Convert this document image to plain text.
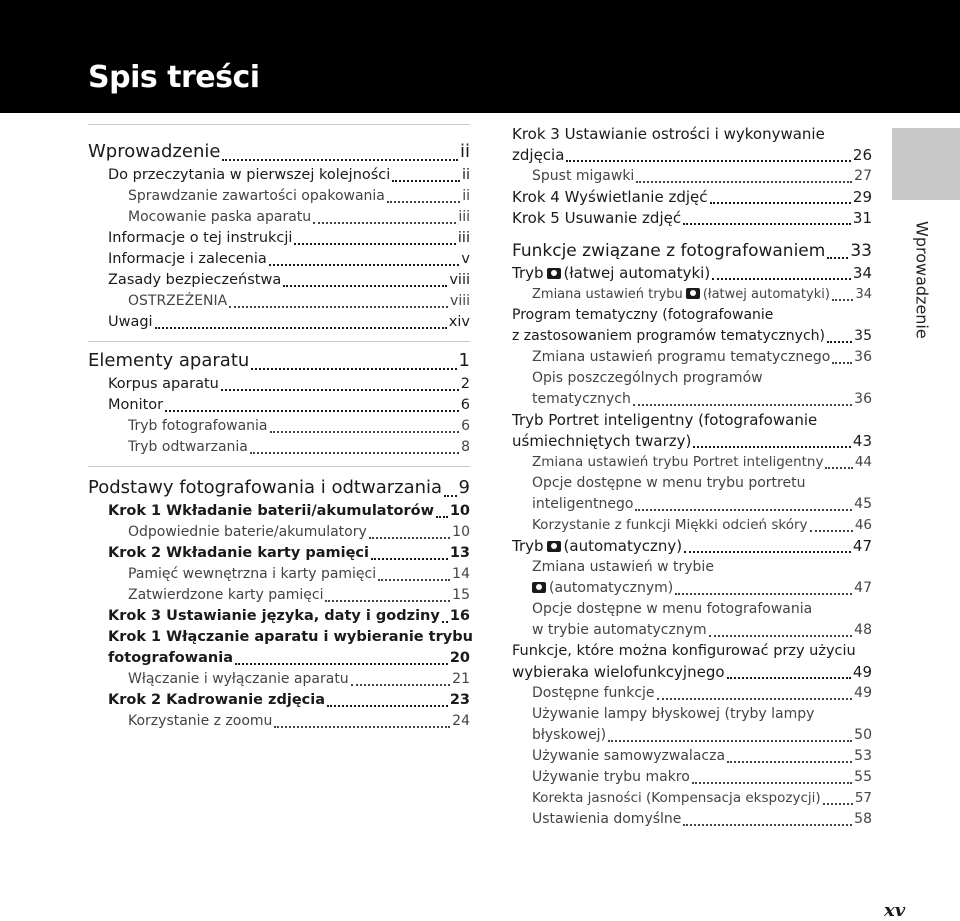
Spis treści
Wprowadzenie	ii
Do przeczytania w pierwszej kolejności	ii
Sprawdzanie zawartości opakowania	ii
Mocowanie paska aparatu	iii
Informacje o tej instrukcji	iii
Informacje i zalecenia	v
Zasady bezpieczeństwa	viii
OSTRZEŻENIA	viii
Uwagi	xiv
Elementy aparatu	1
Korpus aparatu	2
Monitor	6
Tryb fotografowania	6
Tryb odtwarzania	8
Podstawy fotografowania i odtwarzania 9
Krok 1 Wkładanie baterii/akumulatorów 10
Odpowiednie baterie/akumulatory	10
Krok 2 Wkładanie karty pamięci	13
Pamięć wewnętrzna i karty pamięci	14
Zatwierdzone karty pamięci	15
Krok 3 Ustawianie języka, daty i godziny 16
Krok 1 Włączanie aparatu i wybieranie trybu
fotografowania	20
Włączanie i wyłączanie aparatu	21
Krok 2 Kadrowanie zdjęcia	23
Korzystanie z zoomu	24
Krok 3 Ustawianie ostrości i wykonywanie
zdjęcia	26
Spust migawki	27
Krok 4 Wyświetlanie zdjęć	29
Krok 5 Usuwanie zdjęć	31
Funkcje związane z fotografowaniem 33
Tryb (łatwej automatyki)	34
Zmiana ustawień trybu (łatwej automatyki) 34
Program tematyczny (fotografowanie
z zastosowaniem programów tematycznych) 35
Zmiana ustawień programu tematycznego 36
Opis poszczególnych programów
tematycznych	36
Tryb Portret inteligentny (fotografowanie
uśmiechniętych twarzy)	43
Zmiana ustawień trybu Portret inteligentny 44
Opcje dostępne w menu trybu portretu
inteligentnego	45
Korzystanie z funkcji Miękki odcień skóry	46
Tryb (automatyczny)	47
Zmiana ustawień w trybie
(automatycznym)	47
Opcje dostępne w menu fotografowania
w trybie automatycznym	48
Funkcje, które można konfigurować przy użyciu
wybieraka wielofunkcyjnego	49
Dostępne funkcje	49
Używanie lampy błyskowej (tryby lampy
błyskowej)	50
Używanie samowyzwalacza	53
Używanie trybu makro	55
Korekta jasności (Kompensacja ekspozycji)	57
Ustawienia domyślne	58
Wprowadzenie
xv
